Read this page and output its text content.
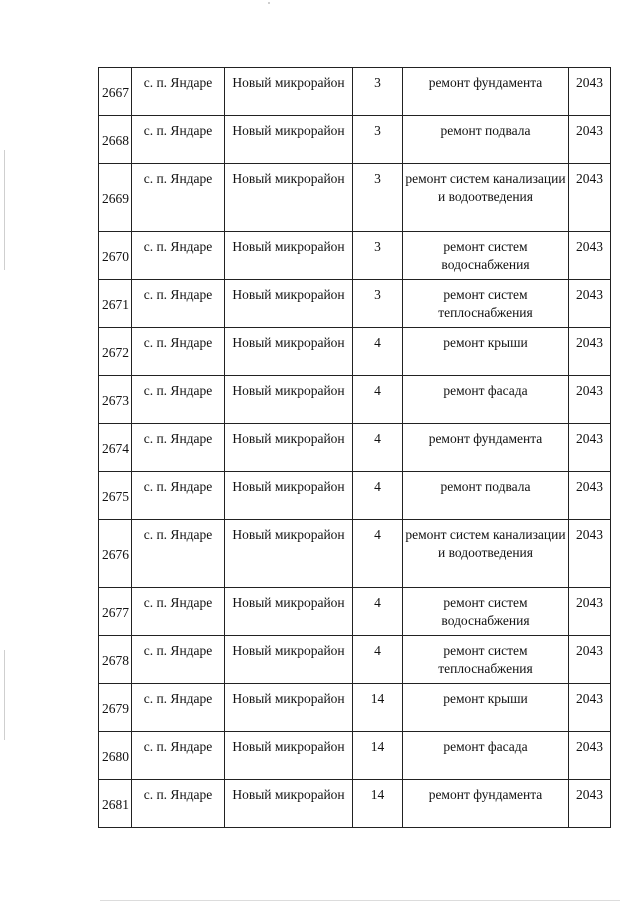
2667	с. п. Яндаре	Новый микрорайон	3	ремонт фундамента	2043
2668	с. п. Яндаре	Новый микрорайон	3	ремонт подвала	2043
2669	с. п. Яндаре	Новый микрорайон	3	ремонт систем канализации и водоотведения	2043
2670	с. п. Яндаре	Новый микрорайон	3	ремонт систем водоснабжения	2043
2671	с. п. Яндаре	Новый микрорайон	3	ремонт систем теплоснабжения	2043
2672	с. п. Яндаре	Новый микрорайон	4	ремонт крыши	2043
2673	с. п. Яндаре	Новый микрорайон	4	ремонт фасада	2043
2674	с. п. Яндаре	Новый микрорайон	4	ремонт фундамента	2043
2675	с. п. Яндаре	Новый микрорайон	4	ремонт подвала	2043
2676	с. п. Яндаре	Новый микрорайон	4	ремонт систем канализации и водоотведения	2043
2677	с. п. Яндаре	Новый микрорайон	4	ремонт систем водоснабжения	2043
2678	с. п. Яндаре	Новый микрорайон	4	ремонт систем теплоснабжения	2043
2679	с. п. Яндаре	Новый микрорайон	14	ремонт крыши	2043
2680	с. п. Яндаре	Новый микрорайон	14	ремонт фасада	2043
2681	с. п. Яндаре	Новый микрорайон	14	ремонт фундамента	2043
